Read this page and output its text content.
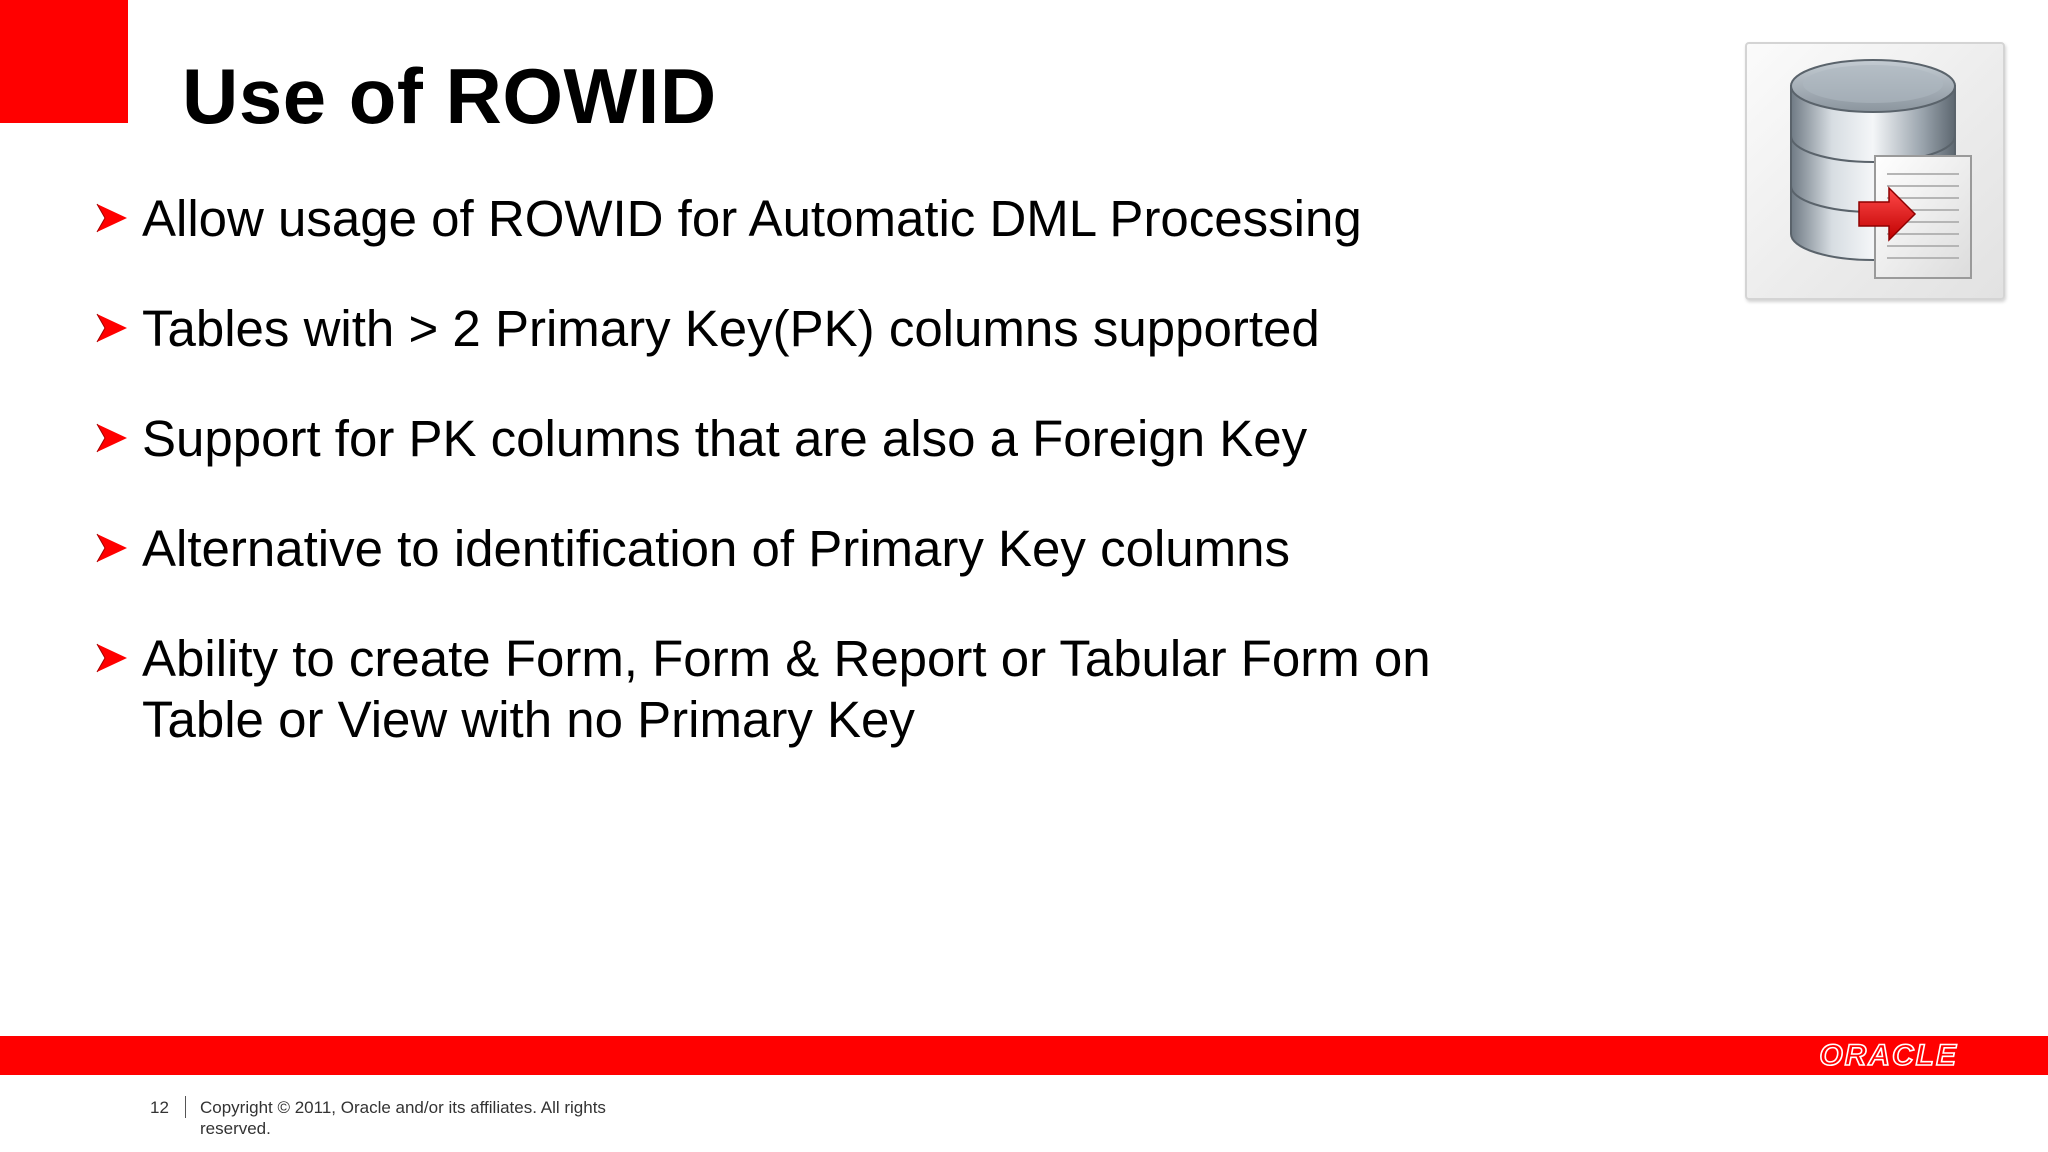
Use of ROWID
Allow usage of ROWID for Automatic DML Processing
Tables with > 2 Primary Key(PK) columns supported
Support for PK columns that are also a Foreign Key
Alternative to identification of Primary Key columns
Ability to create Form, Form & Report or Tabular Form on Table or View with no Primary Key
ORACLE
12 Copyright © 2011, Oracle and/or its affiliates. All rights reserved.
